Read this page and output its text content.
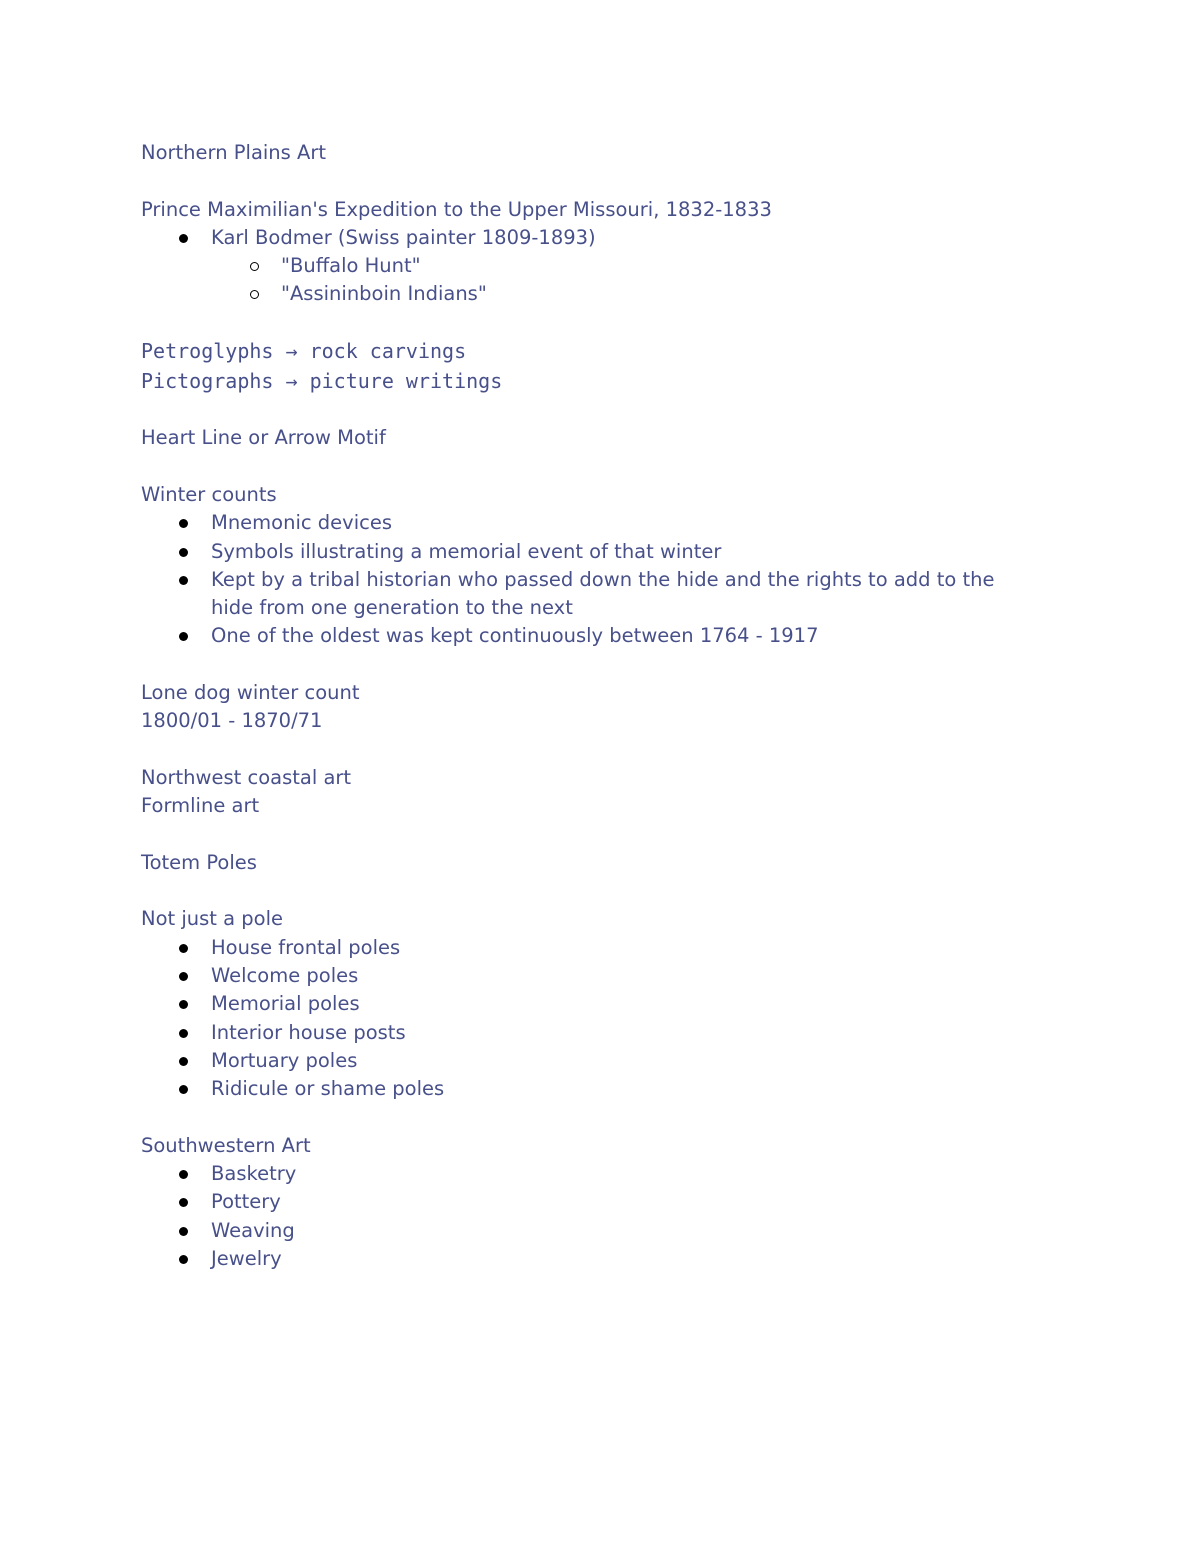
Northern Plains Art
Prince Maximilian's Expedition to the Upper Missouri, 1832-1833
Karl Bodmer (Swiss painter 1809-1893)
"Buffalo Hunt"
"Assininboin Indians"
Petroglyphs → rock carvings
Pictographs → picture writings
Heart Line or Arrow Motif
Winter counts
Mnemonic devices
Symbols illustrating a memorial event of that winter
Kept by a tribal historian who passed down the hide and the rights to add to the hide from one generation to the next
One of the oldest was kept continuously between 1764 - 1917
Lone dog winter count
1800/01 - 1870/71
Northwest coastal art
Formline art
Totem Poles
Not just a pole
House frontal poles
Welcome poles
Memorial poles
Interior house posts
Mortuary poles
Ridicule or shame poles
Southwestern Art
Basketry
Pottery
Weaving
Jewelry
